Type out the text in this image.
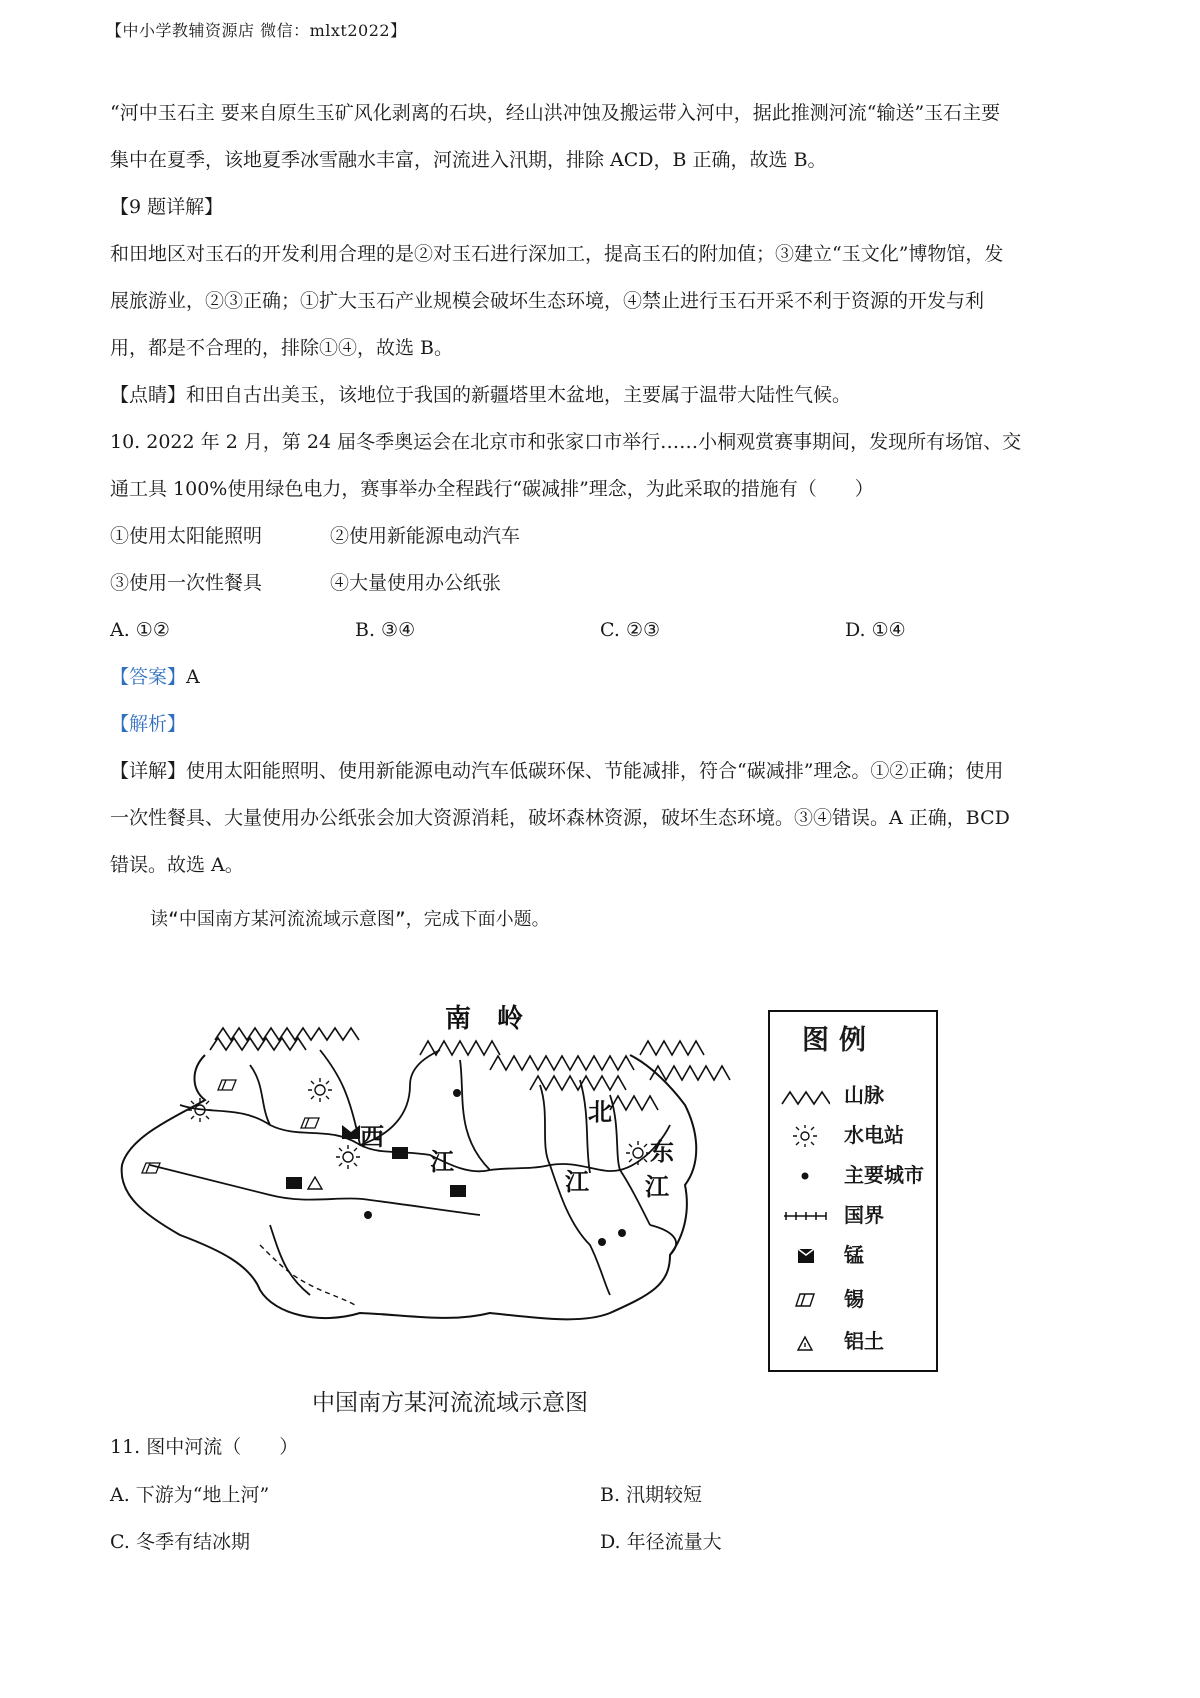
【中小学教辅资源店 微信：mlxt2022】
“河中玉石主 要来自原生玉矿风化剥离的石块，经山洪冲蚀及搬运带入河中，据此推测河流“输送”玉石主要
集中在夏季，该地夏季冰雪融水丰富，河流进入汛期，排除 ACD，B 正确，故选 B。
【9 题详解】
和田地区对玉石的开发利用合理的是②对玉石进行深加工，提高玉石的附加值；③建立“玉文化”博物馆，发
展旅游业，②③正确；①扩大玉石产业规模会破坏生态环境，④禁止进行玉石开采不利于资源的开发与利
用，都是不合理的，排除①④，故选 B。
【点睛】和田自古出美玉，该地位于我国的新疆塔里木盆地，主要属于温带大陆性气候。
10. 2022 年 2 月，第 24 届冬季奥运会在北京市和张家口市举行……小桐观赏赛事期间，发现所有场馆、交
通工具 100%使用绿色电力，赛事举办全程践行“碳减排”理念，为此采取的措施有（　　）
①使用太阳能照明	②使用新能源电动汽车
③使用一次性餐具	④大量使用办公纸张
A. ①②	B. ③④	C. ②③	D. ①④
【答案】A
【解析】
【详解】使用太阳能照明、使用新能源电动汽车低碳环保、节能减排，符合“碳减排”理念。①②正确；使用
一次性餐具、大量使用办公纸张会加大资源消耗，破坏森林资源，破坏生态环境。③④错误。A 正确，BCD
错误。故选 A。
读“中国南方某河流流域示意图”，完成下面小题。
南　岭
西
江
北
江
东
江
图例
山脉
水电站
主要城市
国界
锰
锡
铝土
中国南方某河流流域示意图
11. 图中河流（　　）
A. 下游为“地上河”	B. 汛期较短
C. 冬季有结冰期	D. 年径流量大
